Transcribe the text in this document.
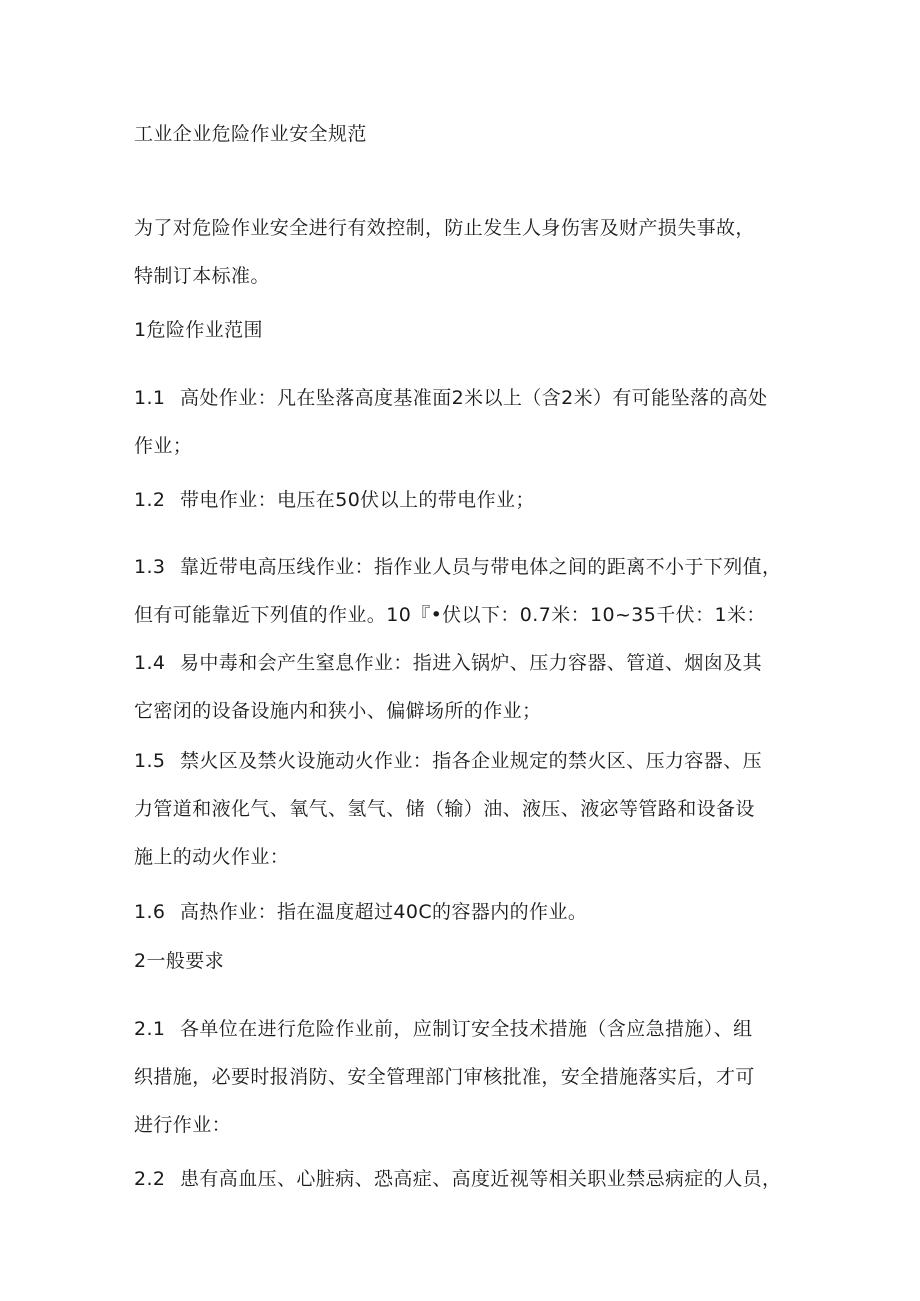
工业企业危险作业安全规范
为了对危险作业安全进行有效控制，防止发生人身伤害及财产损失事故，
特制订本标准。
1危险作业范围
1.1 高处作业：凡在坠落高度基准面2米以上（含2米）有可能坠落的高处
作业；
1.2 带电作业：电压在50伏以上的带电作业；
1.3 靠近带电高压线作业：指作业人员与带电体之间的距离不小于下列值，
但有可能靠近下列值的作业。10『•伏以下：0.7米：10~35千伏：1米：
1.4 易中毒和会产生窒息作业：指进入锅炉、压力容器、管道、烟囱及其
它密闭的设备设施内和狭小、偏僻场所的作业；
1.5 禁火区及禁火设施动火作业：指各企业规定的禁火区、压力容器、压
力管道和液化气、氧气、氢气、储（输）油、液压、液宓等管路和设备设
施上的动火作业：
1.6 高热作业：指在温度超过40C的容器内的作业。
2一般要求
2.1 各单位在进行危险作业前，应制订安全技术措施（含应急措施）、组
织措施，必要时报消防、安全管理部门审核批准，安全措施落实后，才可
进行作业：
2.2 患有高血压、心脏病、恐高症、高度近视等相关职业禁忌病症的人员，
